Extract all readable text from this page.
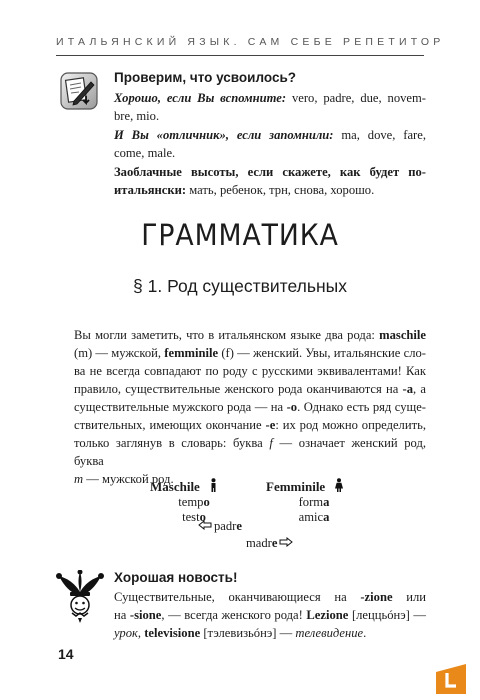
ИТАЛЬЯНСКИЙ ЯЗЫК. САМ СЕБЕ РЕПЕТИТОР
Проверим, что усвоилось?

Хорошо, если Вы вспомните: vero, padre, due, novem-

bre, mio.

И Вы «отличник», если запомнили: ma, dove, fare,

come, male.

Заоблачные высоты, если скажете, как будет по-

итальянски: мать, ребенок, трн, снова, хорошо.

ГРАММАТИКА
§ 1. Род существительных
Вы могли заметить, что в итальянском языке два рода: maschile
(m) — мужской, femminile (f) — женский. Увы, итальянские сло-
ва не всегда совпадают по роду с русскими эквивалентами! Как
правило, существительные женского рода оканчиваются на -a, а
существительные мужского рода — на -o. Однако есть ряд суще-
ствительных, имеющих окончание -e: их род можно определить,
только заглянув в словарь: буква f — означает женский род, буква
m — мужской род.
Maschile
tempo
testo
Femminile
forma
amica
padre
madre
Хорошая новость!
Существительные, оканчивающиеся на -zione или
на -sione, — всегда женского рода! Lezione [леццьóнэ] —
урок, televisione [тэлевизьóнэ] — телевидение.
14
